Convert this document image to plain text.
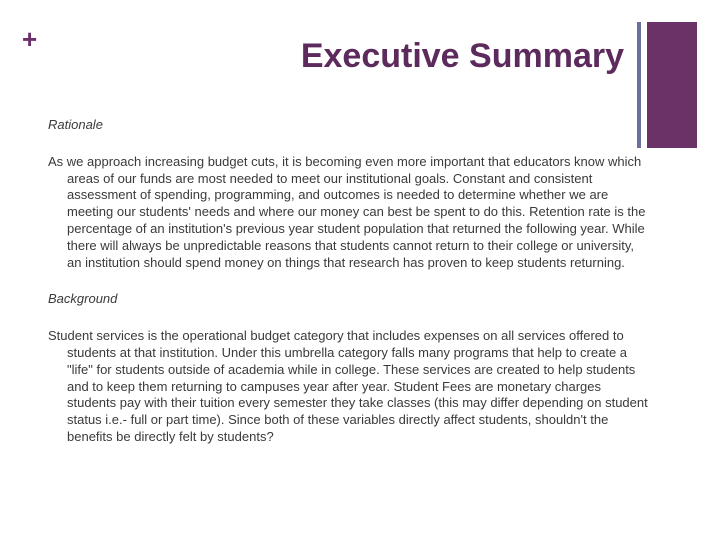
+	Executive Summary

Rationale

As we approach increasing budget cuts, it is becoming even more important that educators know which areas of our funds are most needed to meet our institutional goals. Constant and consistent assessment of spending, programming, and outcomes is needed to determine whether we are meeting our students' needs and where our money can best be spent to do this. Retention rate is the percentage of an institution's previous year student population that returned the following year. While there will always be unpredictable reasons that students cannot return to their college or university, an institution should spend money on things that research has proven to keep students returning.

Background

Student services is the operational budget category that includes expenses on all services offered to students at that institution. Under this umbrella category falls many programs that help to create a "life" for students outside of academia while in college. These services are created to help students and to keep them returning to campuses year after year. Student Fees are monetary charges students pay with their tuition every semester they take classes (this may differ depending on student status i.e.- full or part time). Since both of these variables directly affect students, shouldn't the benefits be directly felt by students?
